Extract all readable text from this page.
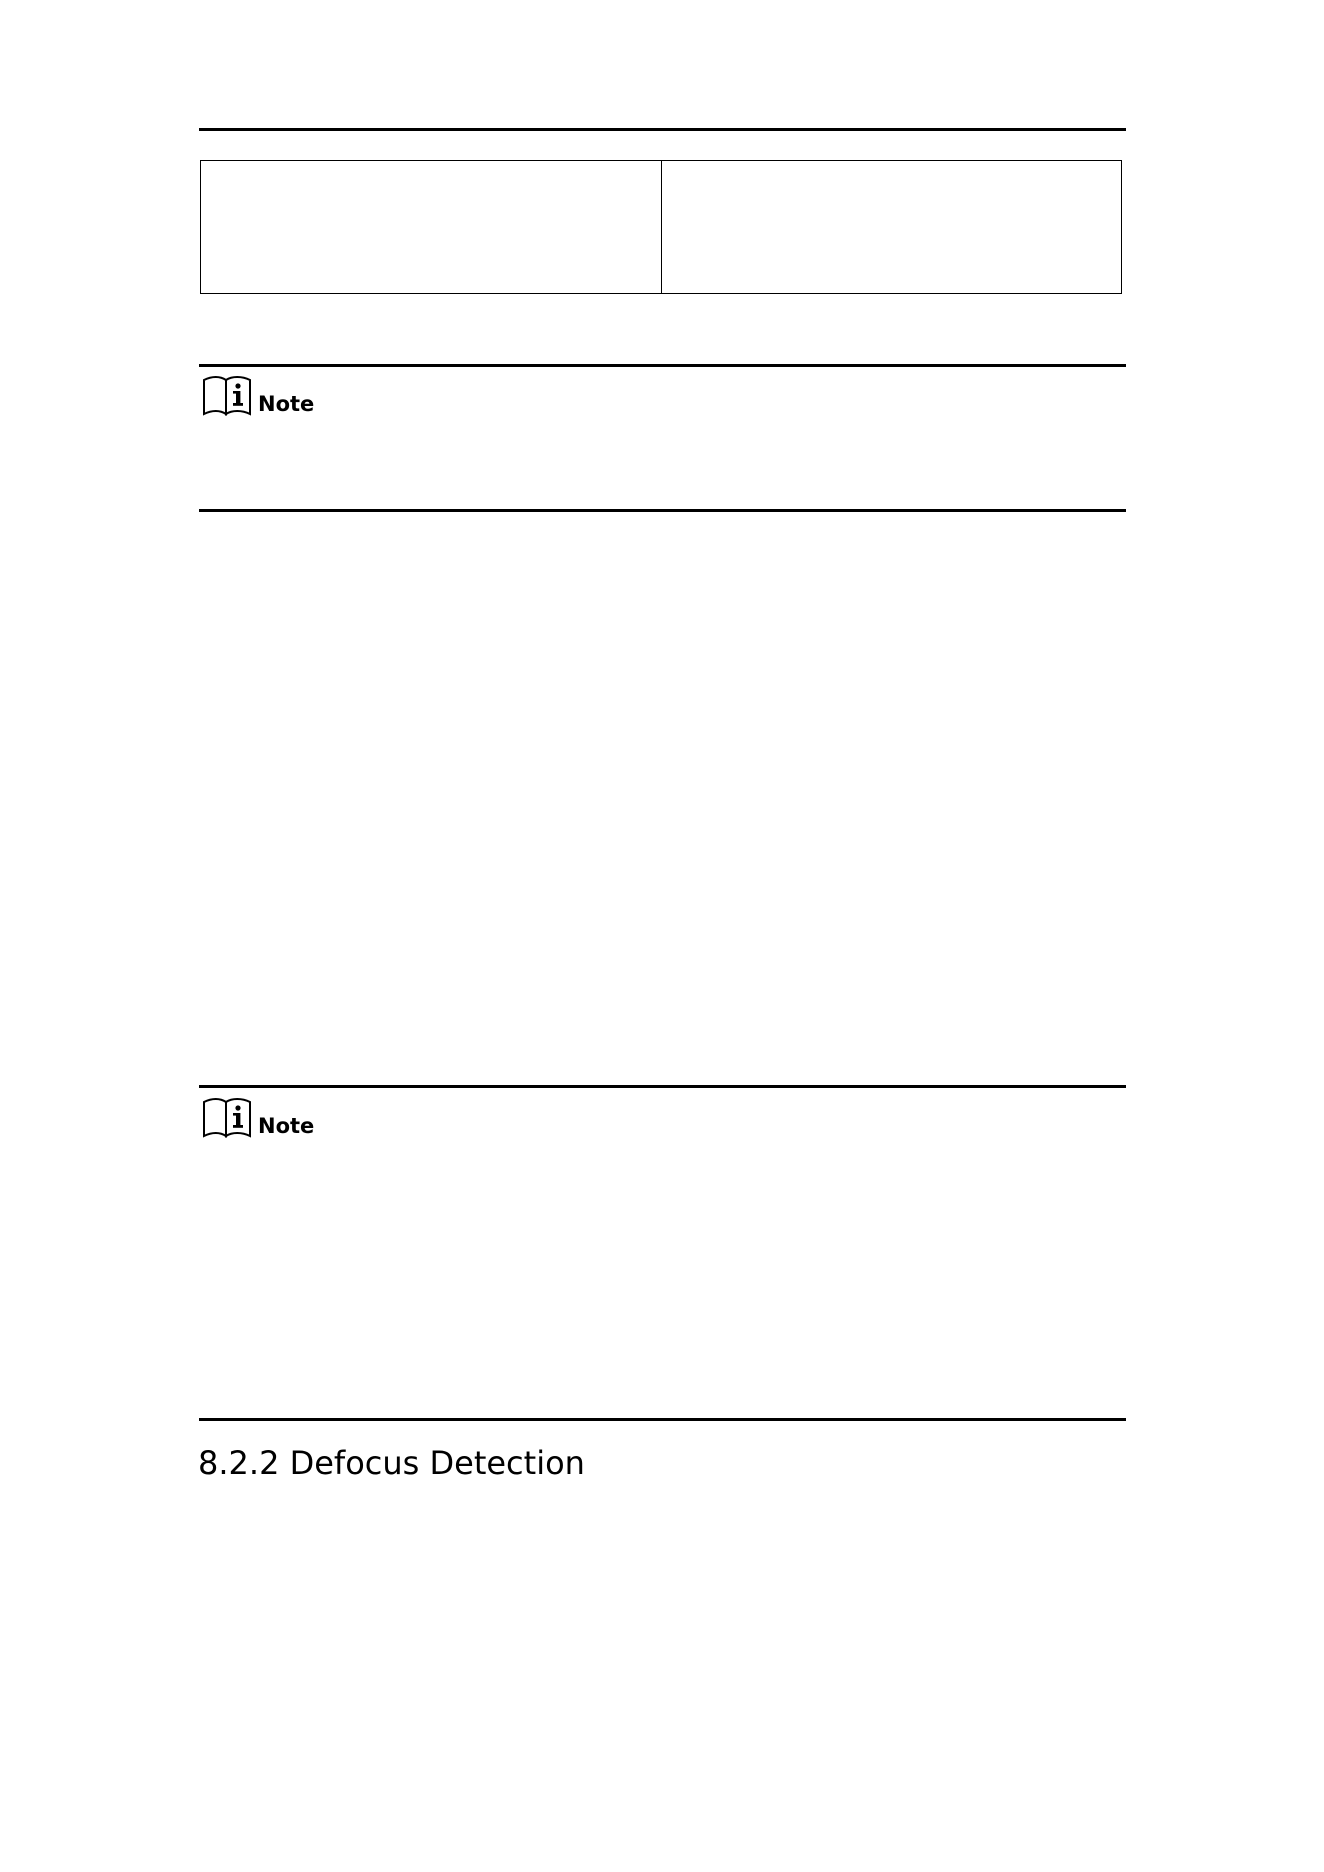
Note
Note
8.2.2 Defocus Detection
